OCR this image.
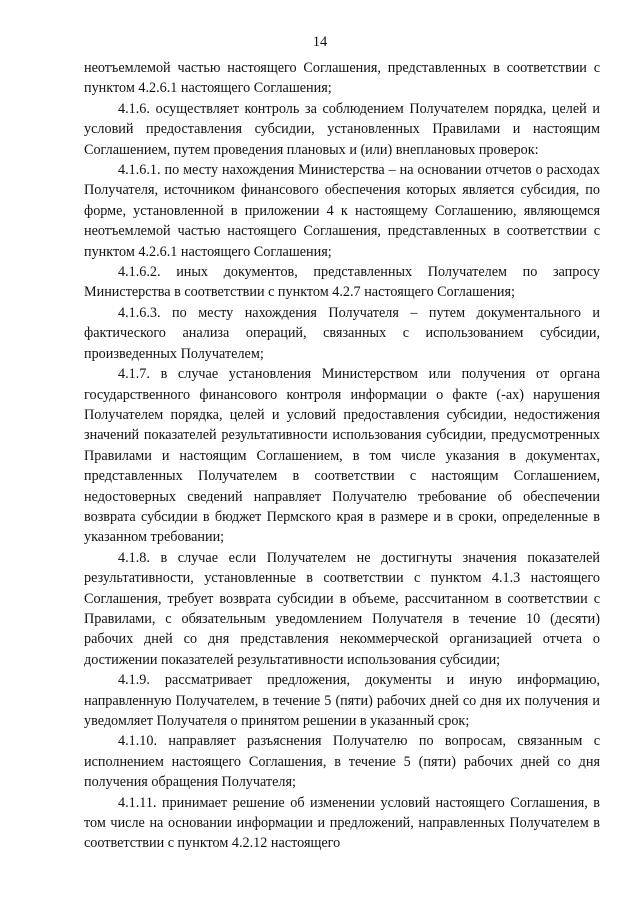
14

неотъемлемой частью настоящего Соглашения, представленных в соответствии с пунктом 4.2.6.1 настоящего Соглашения;

4.1.6. осуществляет контроль за соблюдением Получателем порядка, целей и условий предоставления субсидии, установленных Правилами и настоящим Соглашением, путем проведения плановых и (или) внеплановых проверок:

4.1.6.1. по месту нахождения Министерства – на основании отчетов о расходах Получателя, источником финансового обеспечения которых является субсидия, по форме, установленной в приложении 4 к настоящему Соглашению, являющемся неотъемлемой частью настоящего Соглашения, представленных в соответствии с пунктом 4.2.6.1 настоящего Соглашения;

4.1.6.2. иных документов, представленных Получателем по запросу Министерства в соответствии с пунктом 4.2.7 настоящего Соглашения;

4.1.6.3. по месту нахождения Получателя – путем документального и фактического анализа операций, связанных с использованием субсидии, произведенных Получателем;

4.1.7. в случае установления Министерством или получения от органа государственного финансового контроля информации о факте (-ах) нарушения Получателем порядка, целей и условий предоставления субсидии, недостижения значений показателей результативности использования субсидии, предусмотренных Правилами и настоящим Соглашением, в том числе указания в документах, представленных Получателем в соответствии с настоящим Соглашением, недостоверных сведений направляет Получателю требование об обеспечении возврата субсидии в бюджет Пермского края в размере и в сроки, определенные в указанном требовании;

4.1.8. в случае если Получателем не достигнуты значения показателей результативности, установленные в соответствии с пунктом 4.1.3 настоящего Соглашения, требует возврата субсидии в объеме, рассчитанном в соответствии с Правилами, с обязательным уведомлением Получателя в течение 10 (десяти) рабочих дней со дня представления некоммерческой организацией отчета о достижении показателей результативности использования субсидии;

4.1.9. рассматривает предложения, документы и иную информацию, направленную Получателем, в течение 5 (пяти) рабочих дней со дня их получения и уведомляет Получателя о принятом решении в указанный срок;

4.1.10. направляет разъяснения Получателю по вопросам, связанным с исполнением настоящего Соглашения, в течение 5 (пяти) рабочих дней со дня получения обращения Получателя;

4.1.11. принимает решение об изменении условий настоящего Соглашения, в том числе на основании информации и предложений, направленных Получателем в соответствии с пунктом 4.2.12 настоящего
